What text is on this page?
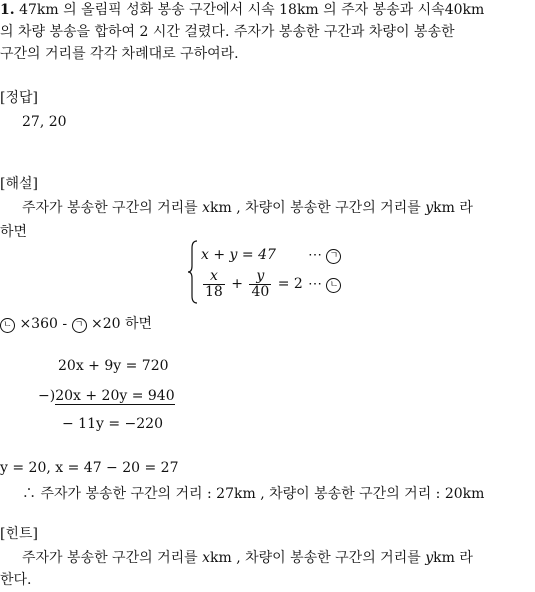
1. 47km 의 올림픽 성화 봉송 구간에서 시속 18km 의 주자 봉송과 시속40km
의 차량 봉송을 합하여 2 시간 걸렸다. 주자가 봉송한 구간과 차량이 봉송한
구간의 거리를 각각 차례대로 구하여라.
[정답]
27, 20
[해설]
주자가 봉송한 구간의 거리를 xkm , 차량이 봉송한 구간의 거리를 ykm 라
하면
x + y = 47 ⋯ ㄱ
$\frac{x}{18} + \frac{y}{40} = 2$ ⋯ ㄴ
ㄴ ×360 - ㄱ ×20 하면
20x + 9y = 720
−)20x + 20y = 940
− 11y = −220
y = 20, x = 47 − 20 = 27
∴ 주자가 봉송한 구간의 거리 : 27km , 차량이 봉송한 구간의 거리 : 20km
[힌트]
주자가 봉송한 구간의 거리를 xkm , 차량이 봉송한 구간의 거리를 ykm 라
한다.
